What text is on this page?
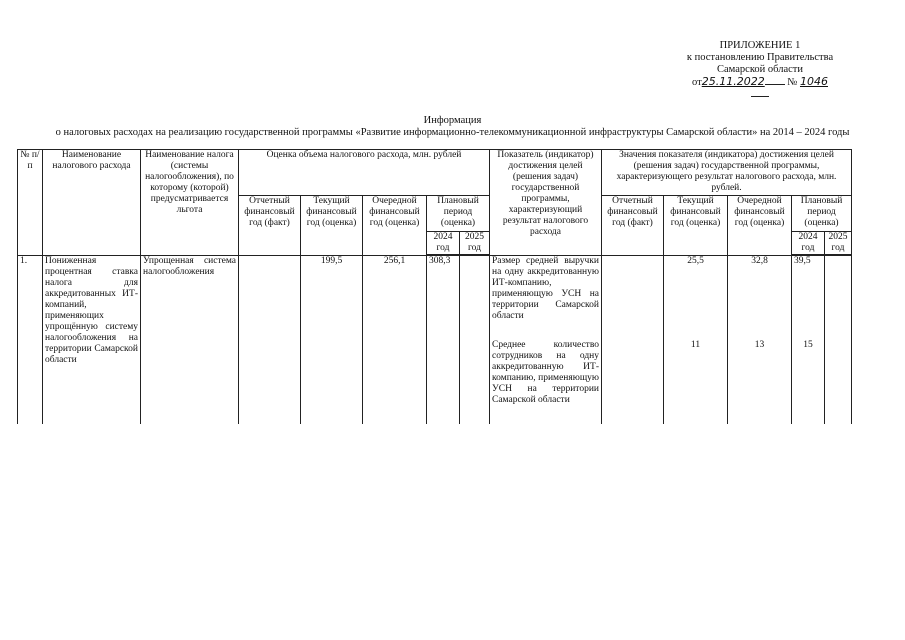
ПРИЛОЖЕНИЕ 1
к постановлению Правительства
Самарской области
от25.11.2022 № 1046
Информация
о налоговых расходах на реализацию государственной программы «Развитие информационно-телекоммуникационной инфраструктуры Самарской области» на 2014 – 2024 годы
№ п/п	Наименование налогового расхода	Наименование налога (системы налогообложения), по которому (которой) предусматривается льгота	Оценка объема налогового расхода, млн. рублей					Показатель (индикатор) достижения целей (решения задач) государственной программы, характеризующий результат налогового расхода	Значения показателя (индикатора) достижения целей (решения задач) государственной программы, характеризующего результат налогового расхода, млн. рублей.				
			Отчетный финансовый год (факт)	Текущий финансовый год (оценка)	Очередной финансовый год (оценка)	Плановый период (оценка)			Отчетный финансовый год (факт)	Текущий финансовый год (оценка)	Очередной финансовый год (оценка)	Плановый период (оценка)	
						2024 год	2025 год					2024 год	2025 год

1.	Пониженная процентная ставка налога для аккредитованных ИТ-компаний, применяющих упрощённую систему налогообложения на территории Самарской области	Упрощенная система налогообложения		199,5	256,1	308,3		Размер средней выручки на одну аккредитованную ИТ-компанию, применяющую УСН на территории Самарской области		25,5	32,8	39,5	
								Среднее количество сотрудников на одну аккредитованную ИТ-компанию, применяющую УСН на территории Самарской области		11	13	15	
